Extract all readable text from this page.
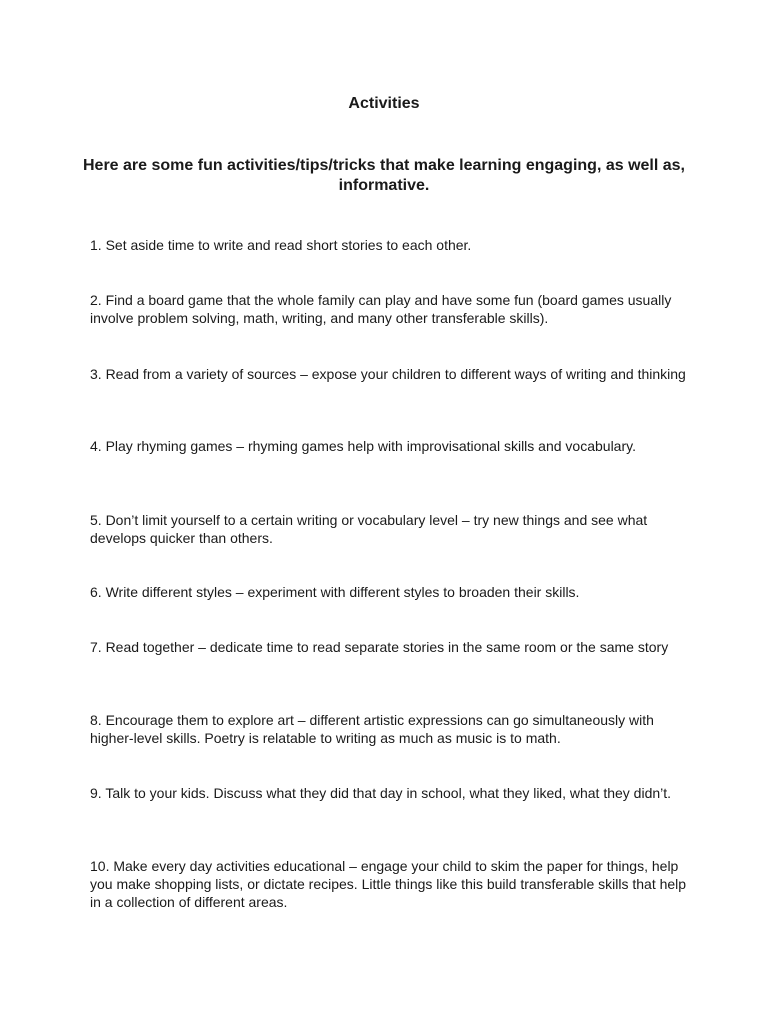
Activities
Here are some fun activities/tips/tricks that make learning engaging, as well as, informative.

1. Set aside time to write and read short stories to each other.

2. Find a board game that the whole family can play and have some fun (board games usually involve problem solving, math, writing, and many other transferable skills).

3. Read from a variety of sources – expose your children to different ways of writing and thinking

4. Play rhyming games – rhyming games help with improvisational skills and vocabulary.

5. Don’t limit yourself to a certain writing or vocabulary level – try new things and see what develops quicker than others.

6. Write different styles – experiment with different styles to broaden their skills.

7. Read together – dedicate time to read separate stories in the same room or the same story

8. Encourage them to explore art – different artistic expressions can go simultaneously with higher-level skills. Poetry is relatable to writing as much as music is to math.

9. Talk to your kids. Discuss what they did that day in school, what they liked, what they didn’t.

10. Make every day activities educational – engage your child to skim the paper for things, help you make shopping lists, or dictate recipes. Little things like this build transferable skills that help in a collection of different areas.
